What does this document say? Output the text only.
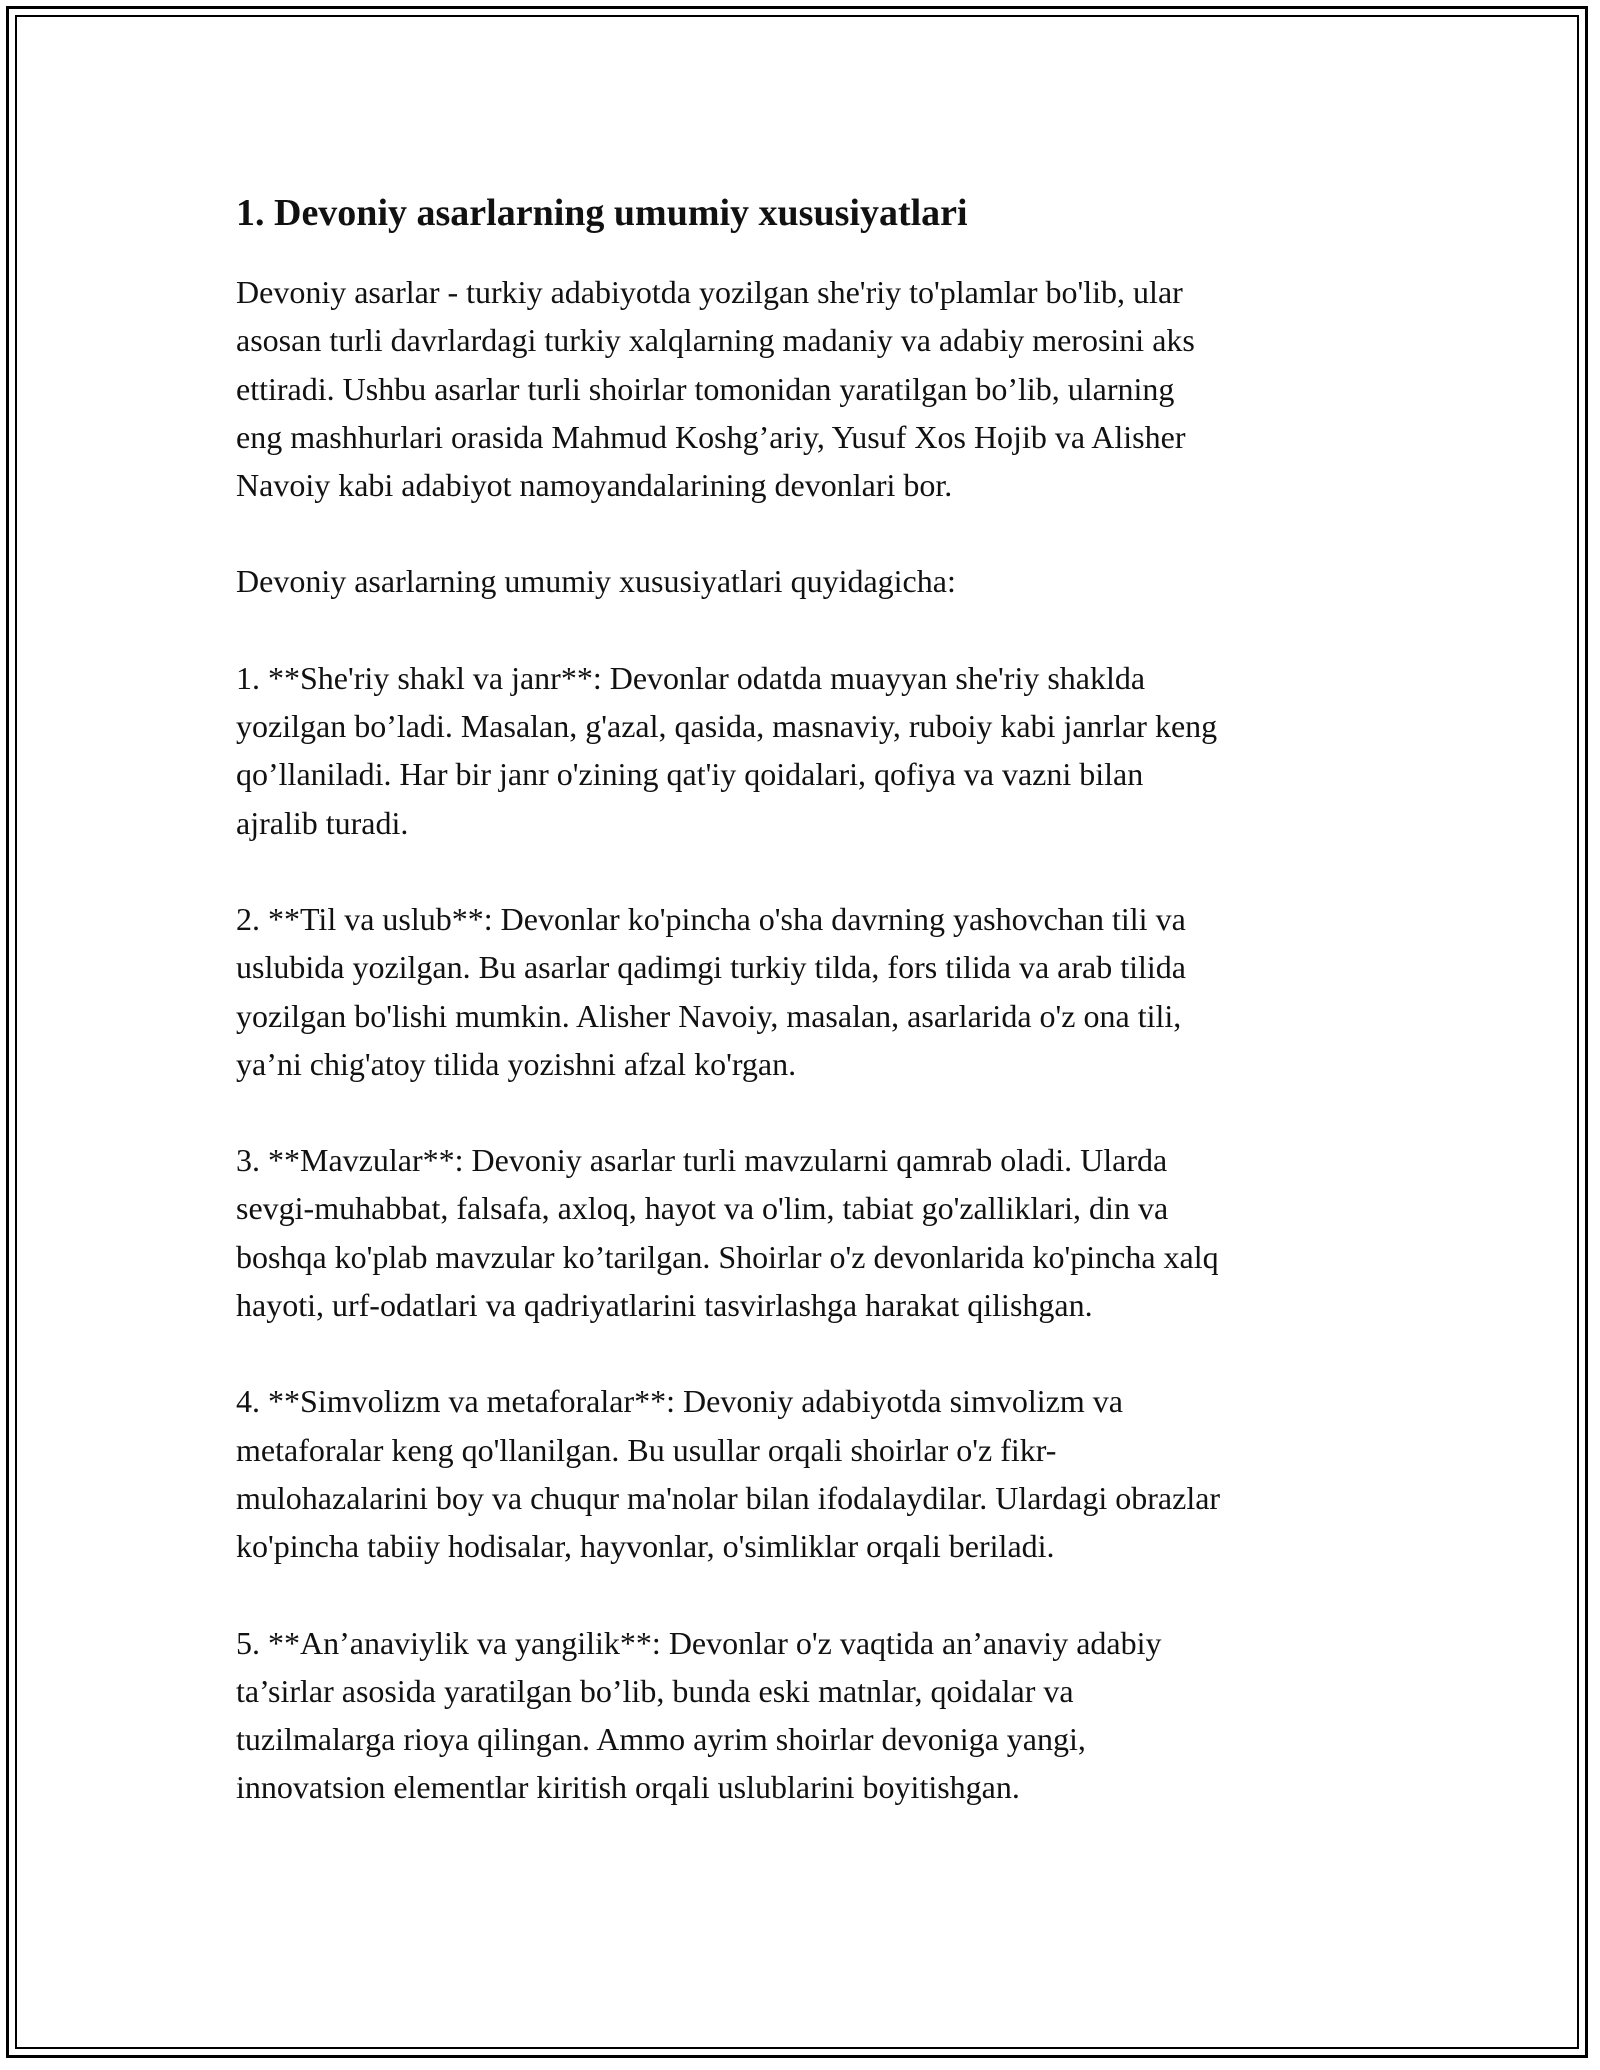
1. Devoniy asarlarning umumiy xususiyatlari

Devoniy asarlar - turkiy adabiyotda yozilgan she'riy to'plamlar bo'lib, ular
asosan turli davrlardagi turkiy xalqlarning madaniy va adabiy merosini aks
ettiradi. Ushbu asarlar turli shoirlar tomonidan yaratilgan bo’lib, ularning
eng mashhurlari orasida Mahmud Koshg’ariy, Yusuf Xos Hojib va Alisher
Navoiy kabi adabiyot namoyandalarining devonlari bor.

Devoniy asarlarning umumiy xususiyatlari quyidagicha:

1. **She'riy shakl va janr**: Devonlar odatda muayyan she'riy shaklda
yozilgan bo’ladi. Masalan, g'azal, qasida, masnaviy, ruboiy kabi janrlar keng
qo’llaniladi. Har bir janr o'zining qat'iy qoidalari, qofiya va vazni bilan
ajralib turadi.

2. **Til va uslub**: Devonlar ko'pincha o'sha davrning yashovchan tili va
uslubida yozilgan. Bu asarlar qadimgi turkiy tilda, fors tilida va arab tilida
yozilgan bo'lishi mumkin. Alisher Navoiy, masalan, asarlarida o'z ona tili,
ya’ni chig'atoy tilida yozishni afzal ko'rgan.

3. **Mavzular**: Devoniy asarlar turli mavzularni qamrab oladi. Ularda
sevgi-muhabbat, falsafa, axloq, hayot va o'lim, tabiat go'zalliklari, din va
boshqa ko'plab mavzular ko’tarilgan. Shoirlar o'z devonlarida ko'pincha xalq
hayoti, urf-odatlari va qadriyatlarini tasvirlashga harakat qilishgan.

4. **Simvolizm va metaforalar**: Devoniy adabiyotda simvolizm va
metaforalar keng qo'llanilgan. Bu usullar orqali shoirlar o'z fikr-
mulohazalarini boy va chuqur ma'nolar bilan ifodalaydilar. Ulardagi obrazlar
ko'pincha tabiiy hodisalar, hayvonlar, o'simliklar orqali beriladi.

5. **An’anaviylik va yangilik**: Devonlar o'z vaqtida an’anaviy adabiy
ta’sirlar asosida yaratilgan bo’lib, bunda eski matnlar, qoidalar va
tuzilmalarga rioya qilingan. Ammo ayrim shoirlar devoniga yangi,
innovatsion elementlar kiritish orqali uslublarini boyitishgan.
